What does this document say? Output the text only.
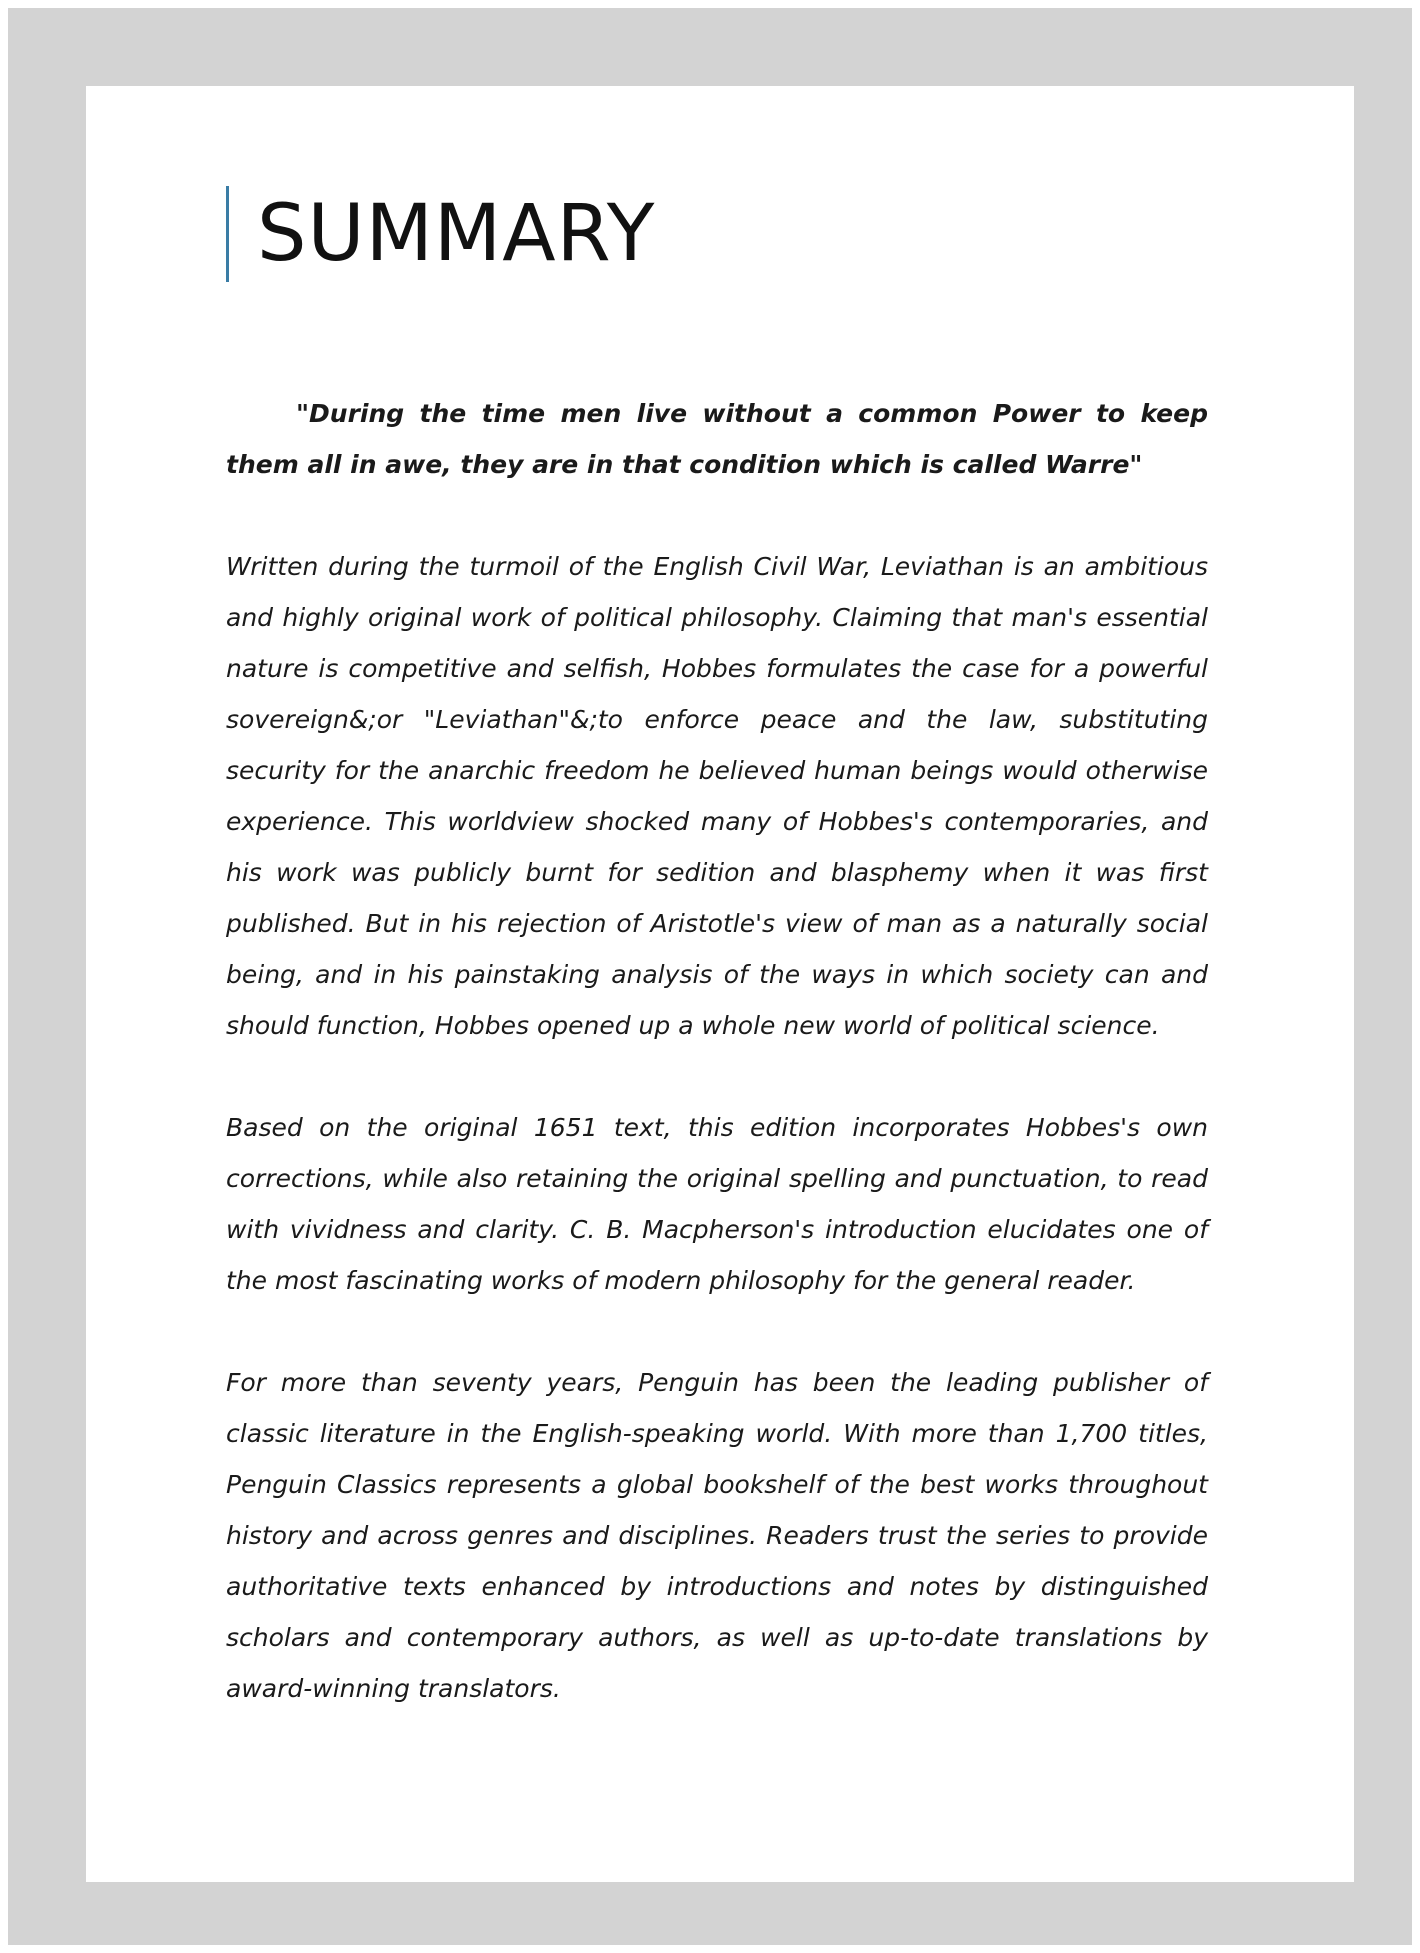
SUMMARY

"During the time men live without a common Power to keep them all in awe, they are in that condition which is called Warre"

Written during the turmoil of the English Civil War, Leviathan is an ambitious and highly original work of political philosophy. Claiming that man's essential nature is competitive and selfish, Hobbes formulates the case for a powerful sovereign&;or "Leviathan"&;to enforce peace and the law, substituting security for the anarchic freedom he believed human beings would otherwise experience. This worldview shocked many of Hobbes's contemporaries, and his work was publicly burnt for sedition and blasphemy when it was first published. But in his rejection of Aristotle's view of man as a naturally social being, and in his painstaking analysis of the ways in which society can and should function, Hobbes opened up a whole new world of political science.

Based on the original 1651 text, this edition incorporates Hobbes's own corrections, while also retaining the original spelling and punctuation, to read with vividness and clarity. C. B. Macpherson's introduction elucidates one of the most fascinating works of modern philosophy for the general reader.

For more than seventy years, Penguin has been the leading publisher of classic literature in the English-speaking world. With more than 1,700 titles, Penguin Classics represents a global bookshelf of the best works throughout history and across genres and disciplines. Readers trust the series to provide authoritative texts enhanced by introductions and notes by distinguished scholars and contemporary authors, as well as up-to-date translations by award-winning translators.
